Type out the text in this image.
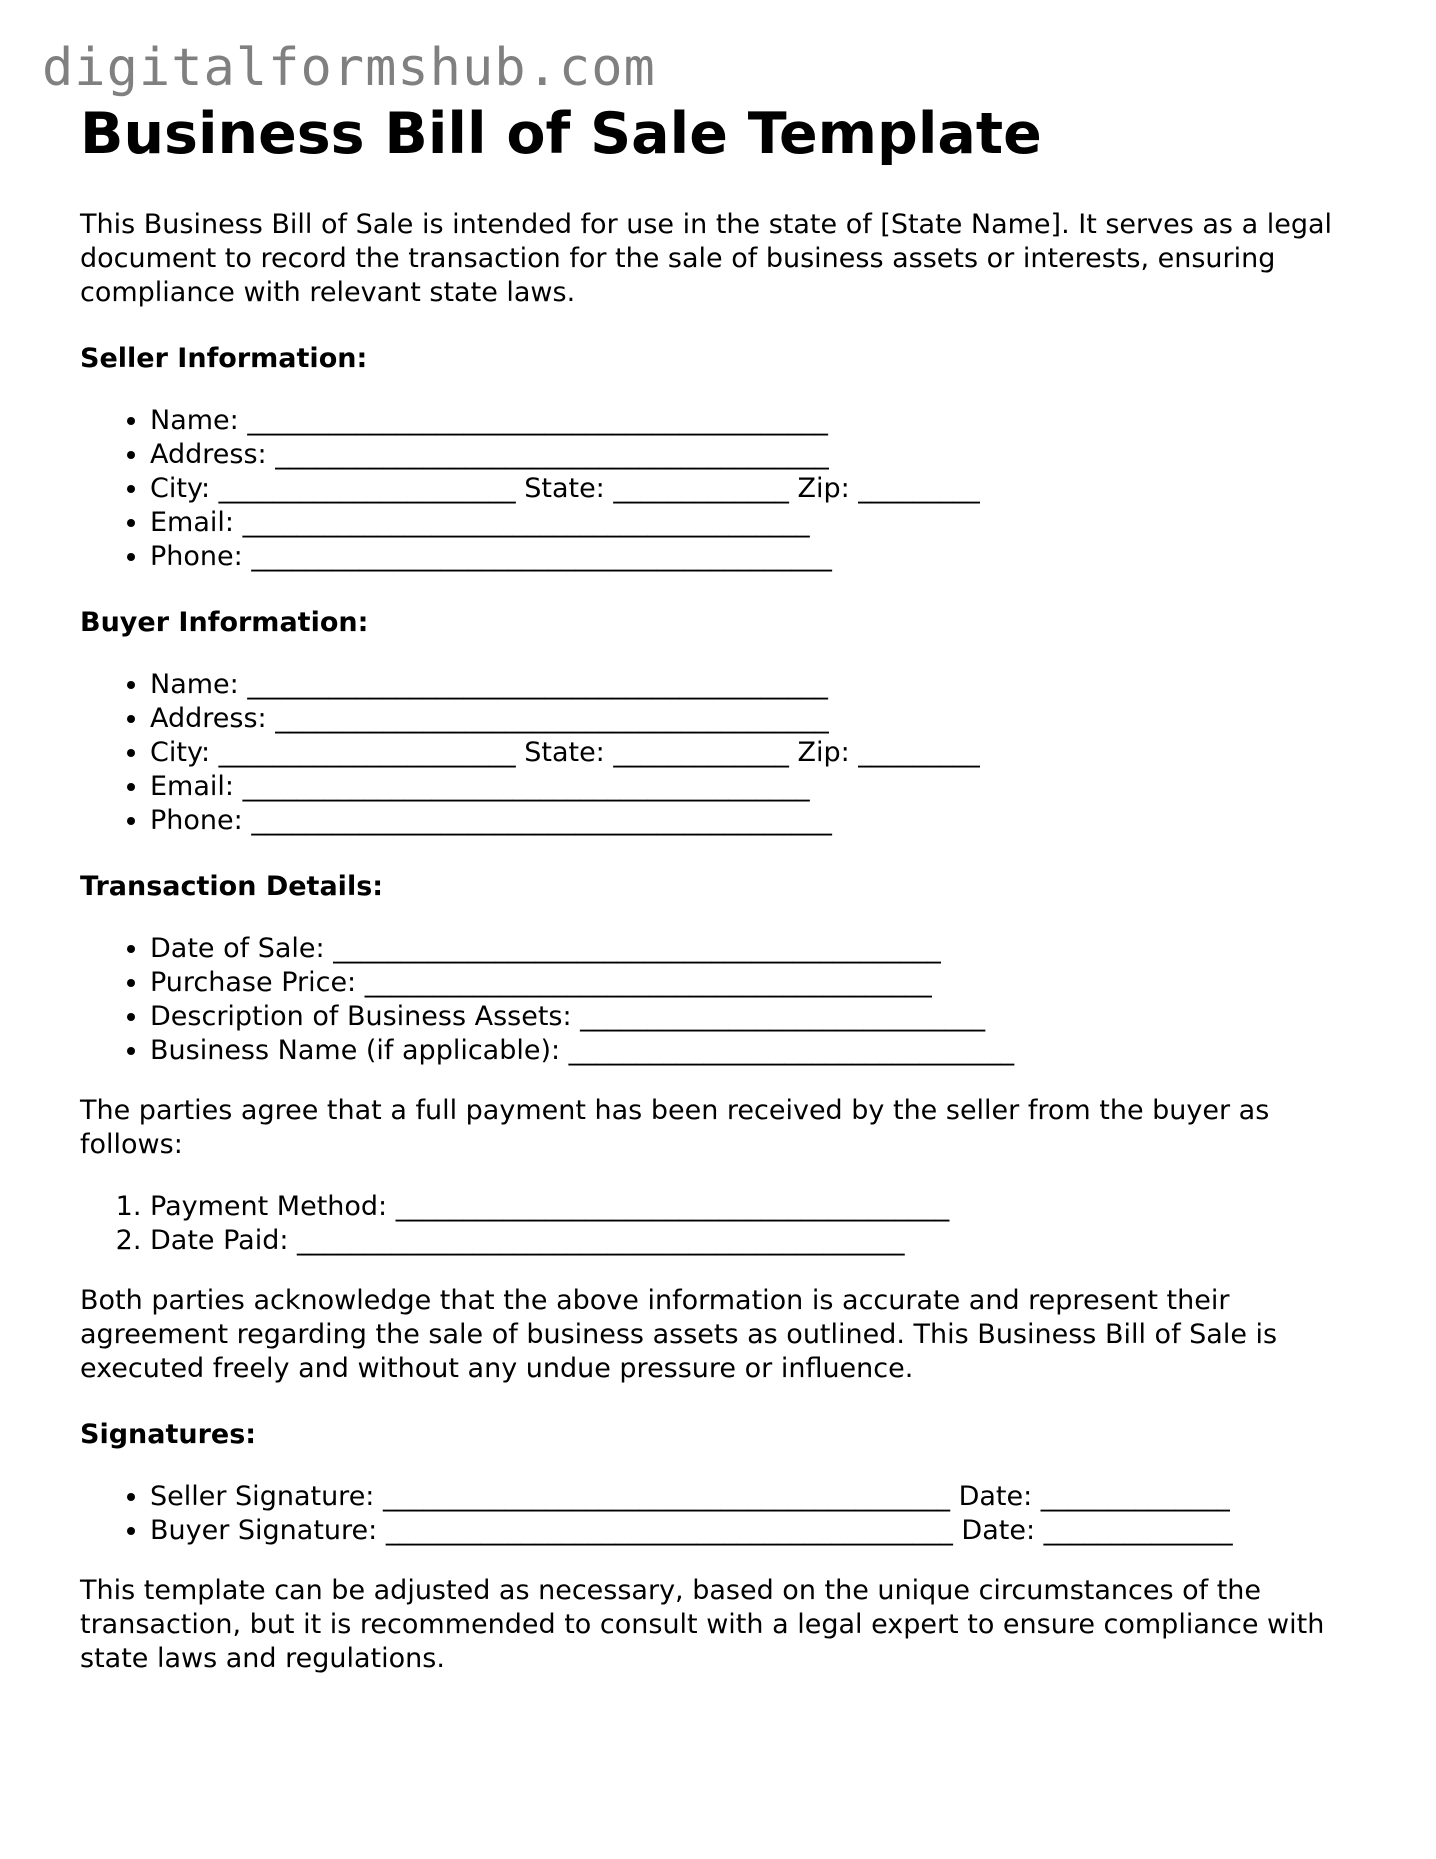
digitalformshub.com
Business Bill of Sale Template

This Business Bill of Sale is intended for use in the state of [State Name]. It serves as a legal document to record the transaction for the sale of business assets or interests, ensuring compliance with relevant state laws.

Seller Information:
• Name: ___________________________________________
• Address: _________________________________________
• City: ______________________ State: _____________ Zip: _________
• Email: __________________________________________
• Phone: ___________________________________________
Buyer Information:
• Name: ___________________________________________
• Address: _________________________________________
• City: ______________________ State: _____________ Zip: _________
• Email: __________________________________________
• Phone: ___________________________________________
Transaction Details:
• Date of Sale: _____________________________________________
• Purchase Price: __________________________________________
• Description of Business Assets: ______________________________
• Business Name (if applicable): _________________________________

The parties agree that a full payment has been received by the seller from the buyer as follows:

1. Payment Method: _________________________________________
2. Date Paid: _____________________________________________

Both parties acknowledge that the above information is accurate and represent their agreement regarding the sale of business assets as outlined. This Business Bill of Sale is executed freely and without any undue pressure or influence.

Signatures:
• Seller Signature: __________________________________________ Date: ______________
• Buyer Signature: __________________________________________ Date: ______________

This template can be adjusted as necessary, based on the unique circumstances of the transaction, but it is recommended to consult with a legal expert to ensure compliance with state laws and regulations.
